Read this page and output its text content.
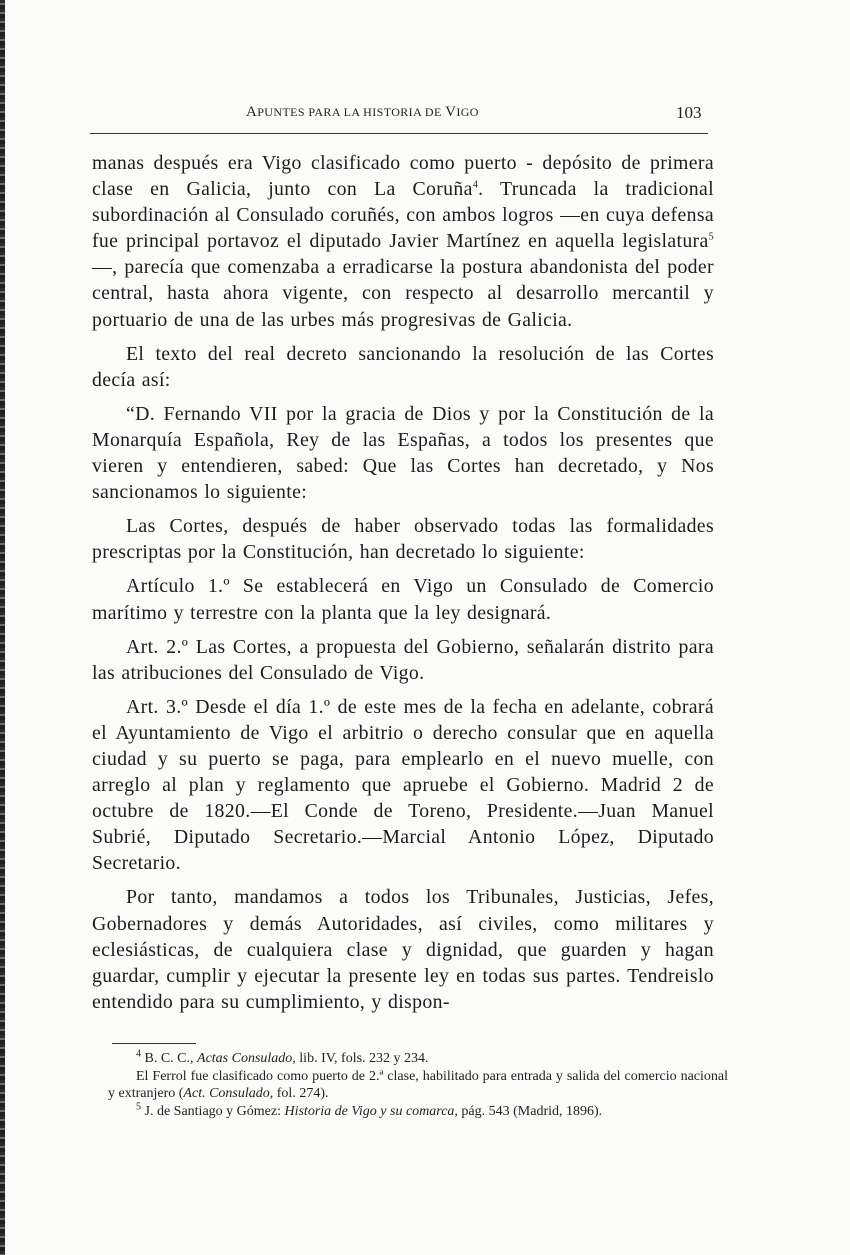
APUNTES PARA LA HISTORIA DE VIGO	103

manas después era Vigo clasificado como puerto - depósito de primera clase en Galicia, junto con La Coruña$^4$. Truncada la tradicional subordinación al Consulado coruñés, con ambos logros —en cuya defensa fue principal portavoz el diputado Javier Martínez en aquella legislatura$^5$—, parecía que comenzaba a erradicarse la postura abandonista del poder central, hasta ahora vigente, con respecto al desarrollo mercantil y portuario de una de las urbes más progresivas de Galicia.

El texto del real decreto sancionando la resolución de las Cortes decía así:

“D. Fernando VII por la gracia de Dios y por la Constitución de la Monarquía Española, Rey de las Españas, a todos los presentes que vieren y entendieren, sabed: Que las Cortes han decretado, y Nos sancionamos lo siguiente:

Las Cortes, después de haber observado todas las formalidades prescriptas por la Constitución, han decretado lo siguiente:

Artículo 1.º Se establecerá en Vigo un Consulado de Comercio marítimo y terrestre con la planta que la ley designará.

Art. 2.º Las Cortes, a propuesta del Gobierno, señalarán distrito para las atribuciones del Consulado de Vigo.

Art. 3.º Desde el día 1.º de este mes de la fecha en adelante, cobrará el Ayuntamiento de Vigo el arbitrio o derecho consular que en aquella ciudad y su puerto se paga, para emplearlo en el nuevo muelle, con arreglo al plan y reglamento que apruebe el Gobierno. Madrid 2 de octubre de 1820.—El Conde de Toreno, Presidente.—Juan Manuel Subrié, Diputado Secretario.—Marcial Antonio López, Diputado Secretario.

Por tanto, mandamos a todos los Tribunales, Justicias, Jefes, Gobernadores y demás Autoridades, así civiles, como militares y eclesiásticas, de cualquiera clase y dignidad, que guarden y hagan guardar, cumplir y ejecutar la presente ley en todas sus partes. Tendreislo entendido para su cumplimiento, y dispon-

$^4$ B. C. C., Actas Consulado, lib. IV, fols. 232 y 234.

El Ferrol fue clasificado como puerto de 2.ª clase, habilitado para entrada y salida del comercio nacional y extranjero (Act. Consulado, fol. 274).

$^5$ J. de Santiago y Gómez: Historia de Vigo y su comarca, pág. 543 (Madrid, 1896).
